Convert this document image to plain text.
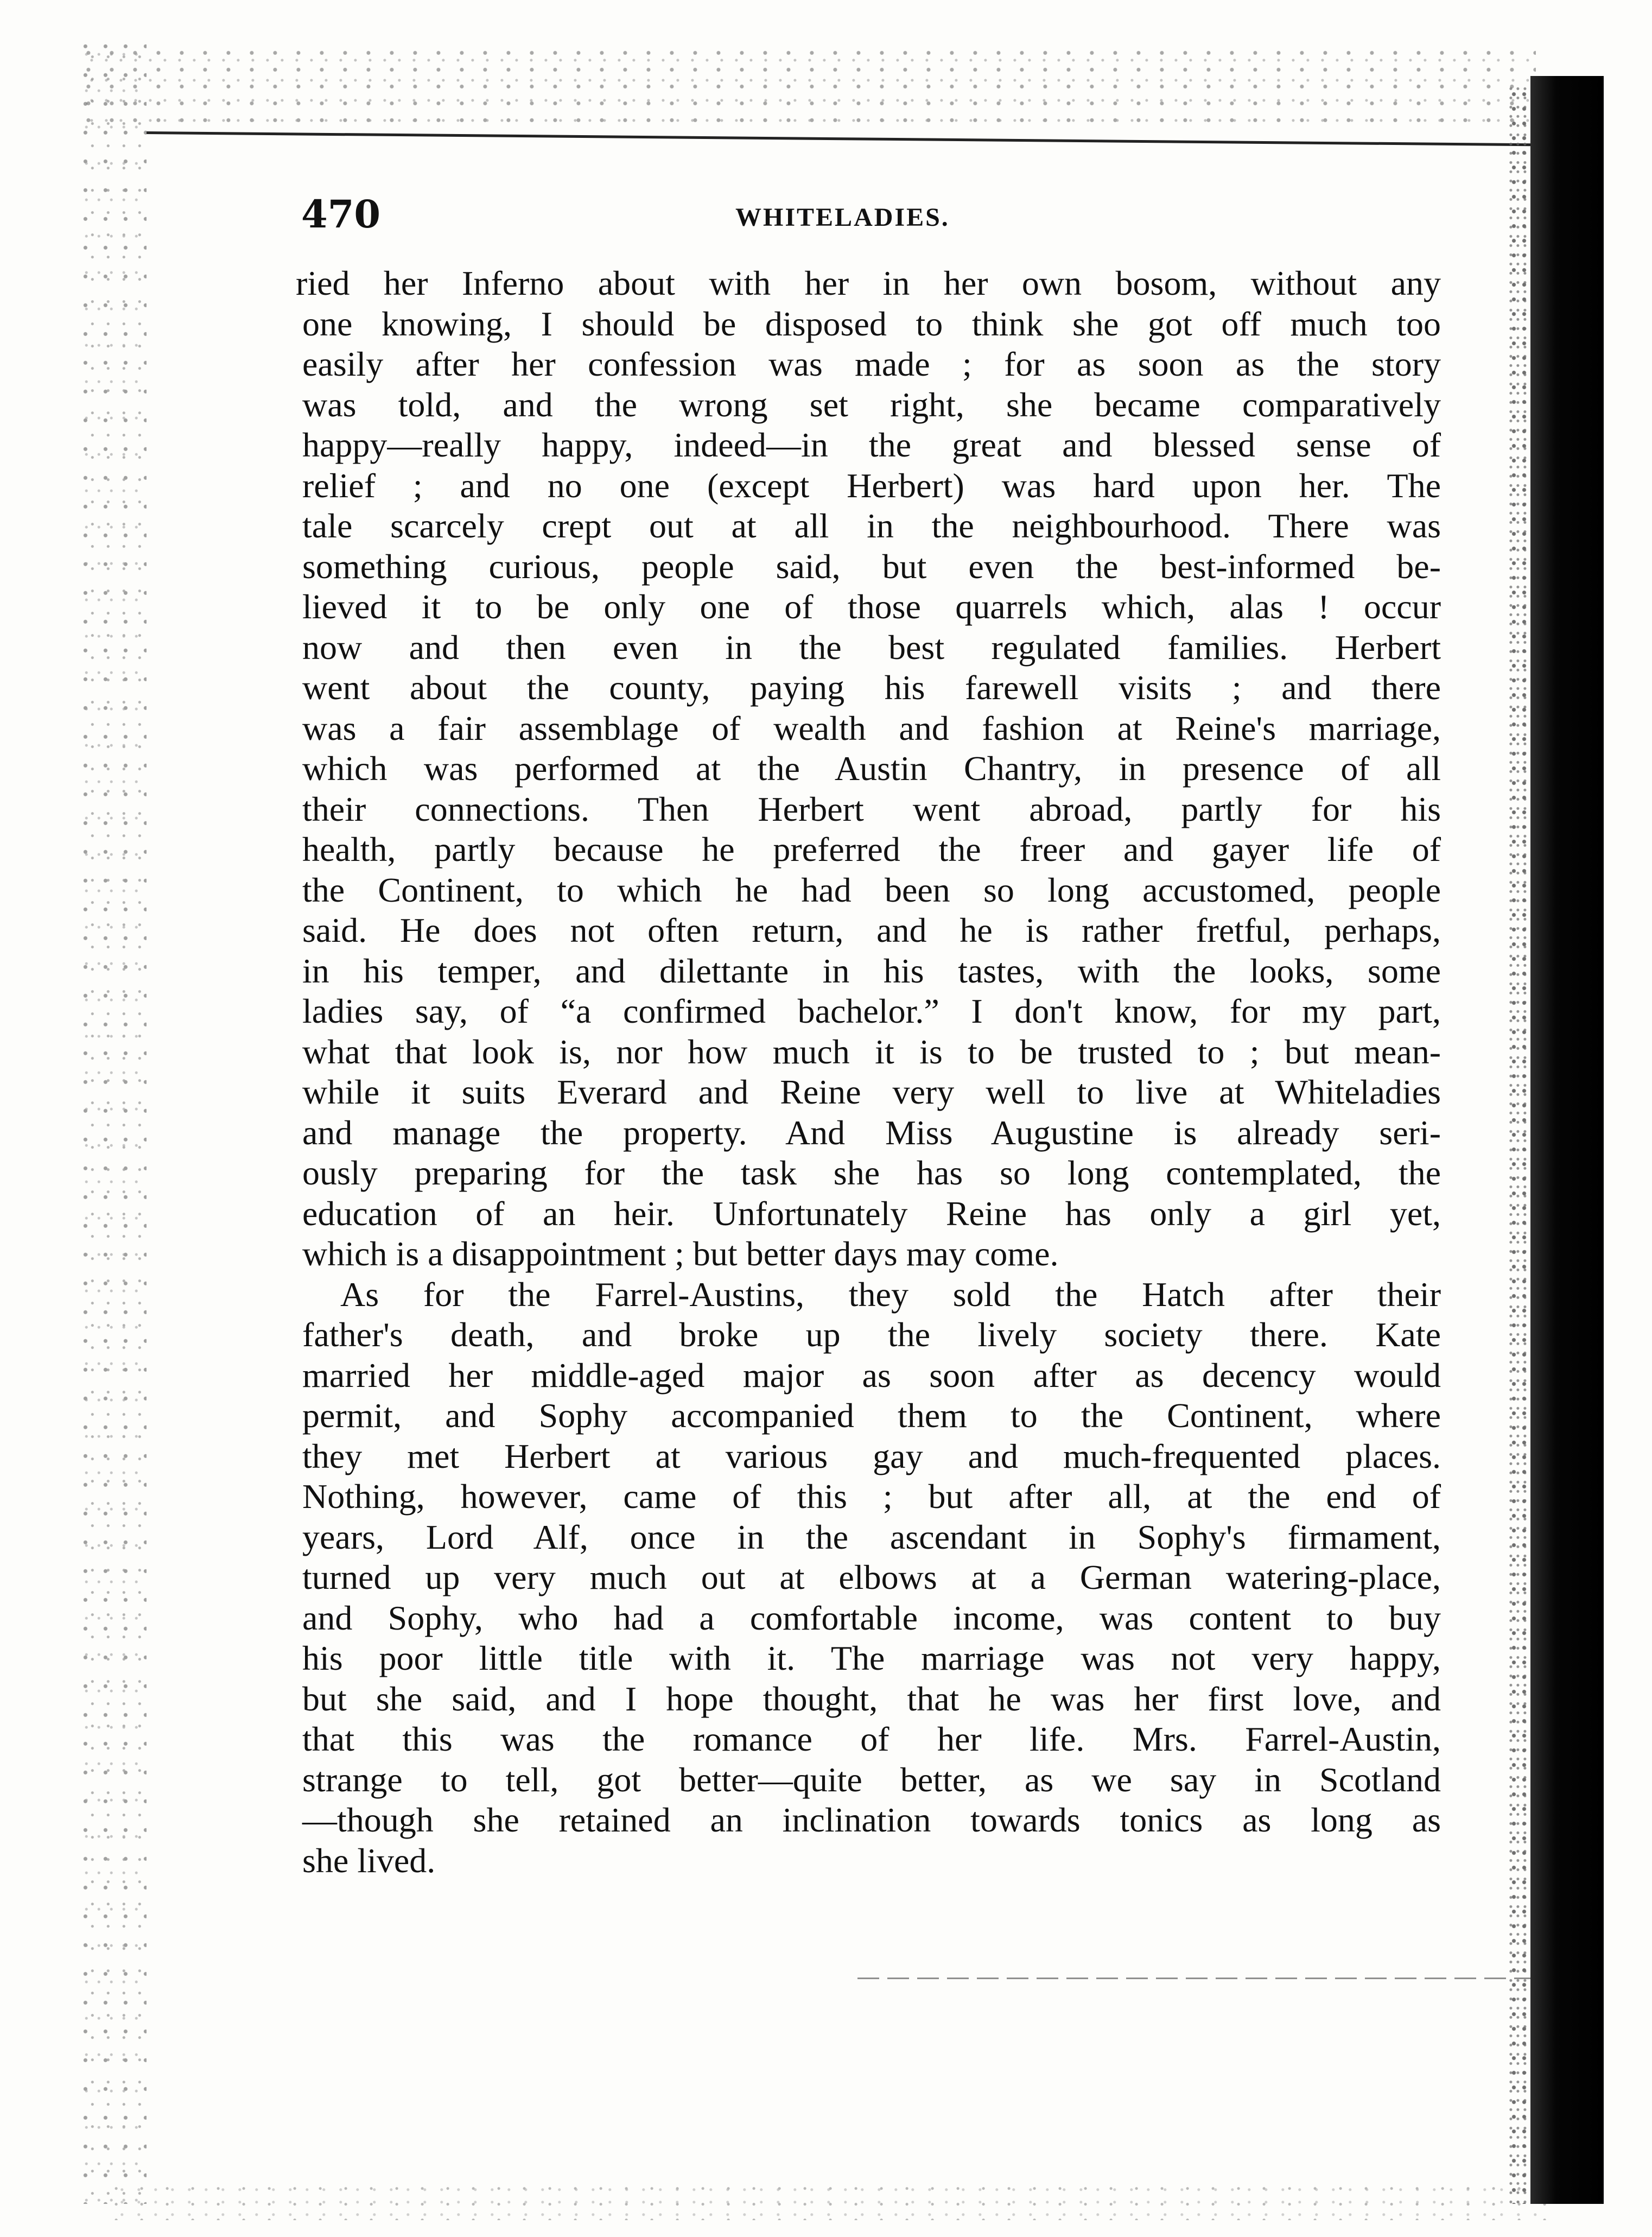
470	WHITELADIES.
ried her Inferno about with her in her own bosom, without any
one knowing, I should be disposed to think she got off much too
easily after her confession was made ; for as soon as the story
was told, and the wrong set right, she became comparatively
happy—really happy, indeed—in the great and blessed sense of
relief ; and no one (except Herbert) was hard upon her. The
tale scarcely crept out at all in the neighbourhood. There was
something curious, people said, but even the best-informed be-
lieved it to be only one of those quarrels which, alas ! occur
now and then even in the best regulated families. Herbert
went about the county, paying his farewell visits ; and there
was a fair assemblage of wealth and fashion at Reine's marriage,
which was performed at the Austin Chantry, in presence of all
their connections. Then Herbert went abroad, partly for his
health, partly because he preferred the freer and gayer life of
the Continent, to which he had been so long accustomed, people
said. He does not often return, and he is rather fretful, perhaps,
in his temper, and dilettante in his tastes, with the looks, some
ladies say, of “a confirmed bachelor.” I don't know, for my part,
what that look is, nor how much it is to be trusted to ; but mean-
while it suits Everard and Reine very well to live at Whiteladies
and manage the property. And Miss Augustine is already seri-
ously preparing for the task she has so long contemplated, the
education of an heir. Unfortunately Reine has only a girl yet,
which is a disappointment ; but better days may come.
As for the Farrel-Austins, they sold the Hatch after their
father's death, and broke up the lively society there. Kate
married her middle-aged major as soon after as decency would
permit, and Sophy accompanied them to the Continent, where
they met Herbert at various gay and much-frequented places.
Nothing, however, came of this ; but after all, at the end of
years, Lord Alf, once in the ascendant in Sophy's firmament,
turned up very much out at elbows at a German watering-place,
and Sophy, who had a comfortable income, was content to buy
his poor little title with it. The marriage was not very happy,
but she said, and I hope thought, that he was her first love, and
that this was the romance of her life. Mrs. Farrel-Austin,
strange to tell, got better—quite better, as we say in Scotland
—though she retained an inclination towards tonics as long as
she lived.
